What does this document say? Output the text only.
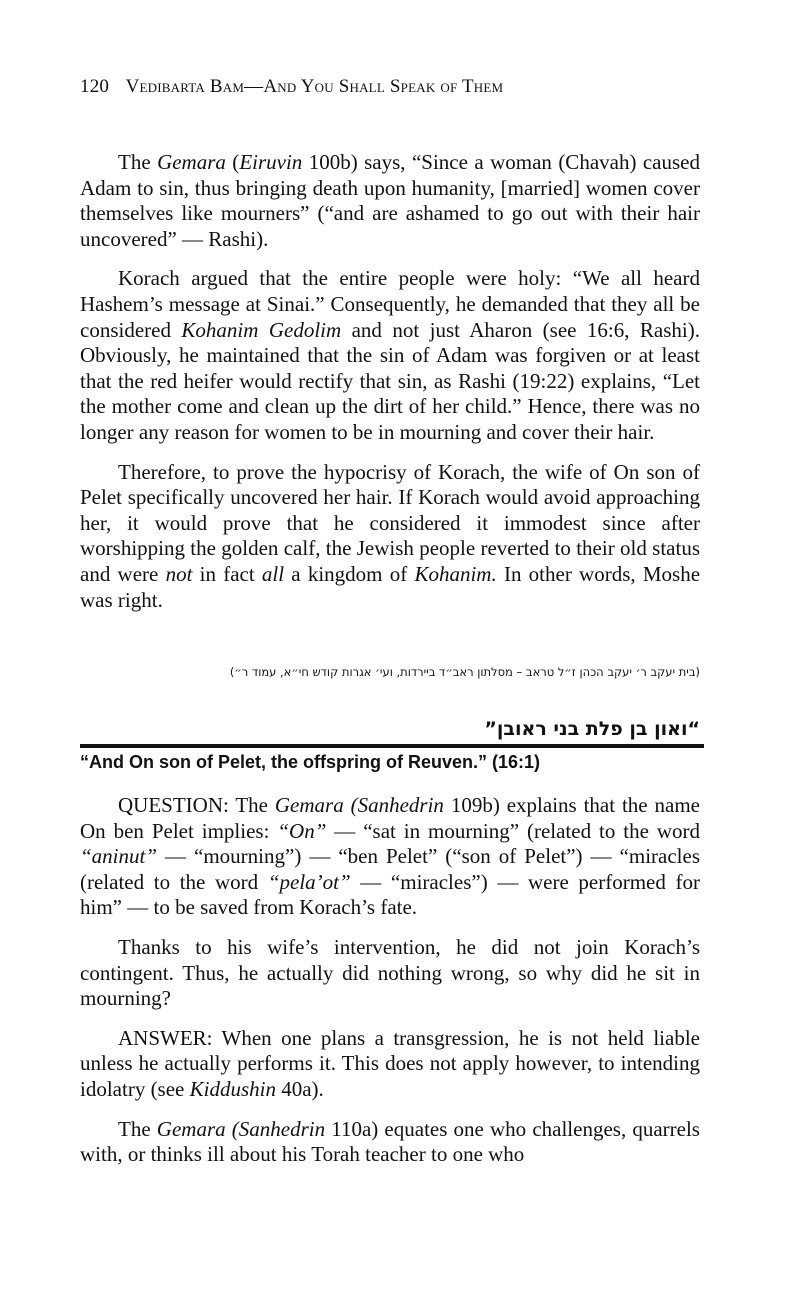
120 Vedibarta Bam—And You Shall Speak of Them

The Gemara (Eiruvin 100b) says, “Since a woman (Chavah) caused Adam to sin, thus bringing death upon humanity, [married] women cover themselves like mourners” (“and are ashamed to go out with their hair uncovered” — Rashi).

Korach argued that the entire people were holy: “We all heard Hashem’s message at Sinai.” Consequently, he demanded that they all be considered Kohanim Gedolim and not just Aharon (see 16:6, Rashi). Obviously, he maintained that the sin of Adam was forgiven or at least that the red heifer would rectify that sin, as Rashi (19:22) explains, “Let the mother come and clean up the dirt of her child.” Hence, there was no longer any reason for women to be in mourning and cover their hair.

Therefore, to prove the hypocrisy of Korach, the wife of On son of Pelet specifically uncovered her hair. If Korach would avoid approaching her, it would prove that he considered it immodest since after worshipping the golden calf, the Jewish people reverted to their old status and were not in fact all a kingdom of Kohanim. In other words, Moshe was right.

(בית יעקב ר׳ יעקב הכהן ז״ל טראב – מסלתון ראב״ד ביירדות, ועי׳ אגרות קודש חי״א, עמוד ר״)
“ואון בן פלת בני ראובן”
“And On son of Pelet, the offspring of Reuven.” (16:1)

QUESTION: The Gemara (Sanhedrin 109b) explains that the name On ben Pelet implies: “On” — “sat in mourning” (related to the word “aninut” — “mourning”) — “ben Pelet” (“son of Pelet”) — “miracles (related to the word “pela’ot” — “miracles”) — were performed for him” — to be saved from Korach’s fate.

Thanks to his wife’s intervention, he did not join Korach’s contingent. Thus, he actually did nothing wrong, so why did he sit in mourning?

ANSWER: When one plans a transgression, he is not held liable unless he actually performs it. This does not apply however, to intending idolatry (see Kiddushin 40a).

The Gemara (Sanhedrin 110a) equates one who challenges, quarrels with, or thinks ill about his Torah teacher to one who
